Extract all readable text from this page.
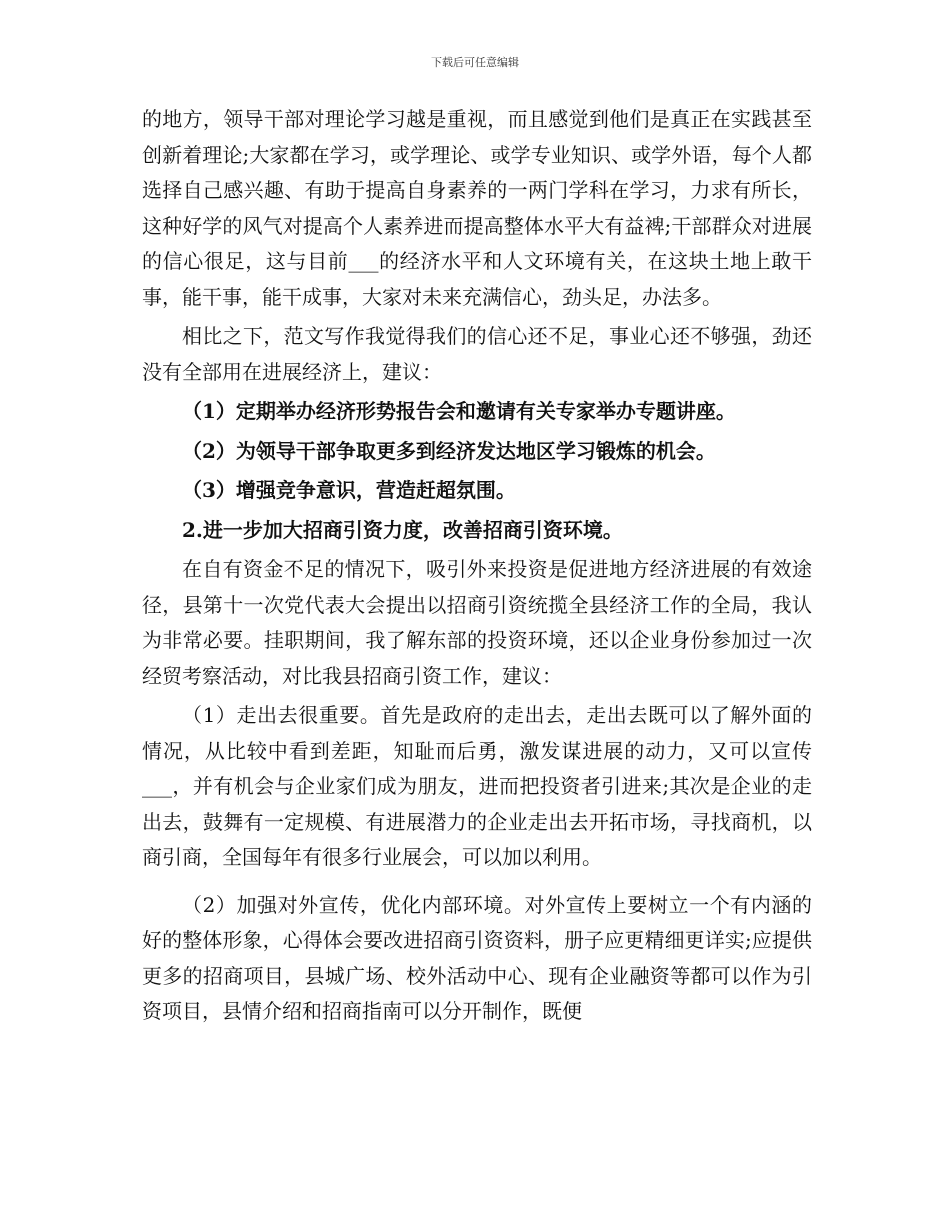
下载后可任意编辑

的地方，领导干部对理论学习越是重视，而且感觉到他们是真正在实践甚至创新着理论;大家都在学习，或学理论、或学专业知识、或学外语，每个人都选择自己感兴趣、有助于提高自身素养的一两门学科在学习，力求有所长，这种好学的风气对提高个人素养进而提高整体水平大有益裨;干部群众对进展的信心很足，这与目前___的经济水平和人文环境有关，在这块土地上敢干事，能干事，能干成事，大家对未来充满信心，劲头足，办法多。

相比之下，范文写作我觉得我们的信心还不足，事业心还不够强，劲还没有全部用在进展经济上，建议：

（1）定期举办经济形势报告会和邀请有关专家举办专题讲座。

（2）为领导干部争取更多到经济发达地区学习锻炼的机会。

（3）增强竞争意识，营造赶超氛围。

2.进一步加大招商引资力度，改善招商引资环境。

在自有资金不足的情况下，吸引外来投资是促进地方经济进展的有效途径，县第十一次党代表大会提出以招商引资统揽全县经济工作的全局，我认为非常必要。挂职期间，我了解东部的投资环境，还以企业身份参加过一次经贸考察活动，对比我县招商引资工作，建议：

（1）走出去很重要。首先是政府的走出去，走出去既可以了解外面的情况，从比较中看到差距，知耻而后勇，激发谋进展的动力，又可以宣传___，并有机会与企业家们成为朋友，进而把投资者引进来;其次是企业的走出去，鼓舞有一定规模、有进展潜力的企业走出去开拓市场，寻找商机，以商引商，全国每年有很多行业展会，可以加以利用。

（2）加强对外宣传，优化内部环境。对外宣传上要树立一个有内涵的好的整体形象，心得体会要改进招商引资资料，册子应更精细更详实;应提供更多的招商项目，县城广场、校外活动中心、现有企业融资等都可以作为引资项目，县情介绍和招商指南可以分开制作，既便
